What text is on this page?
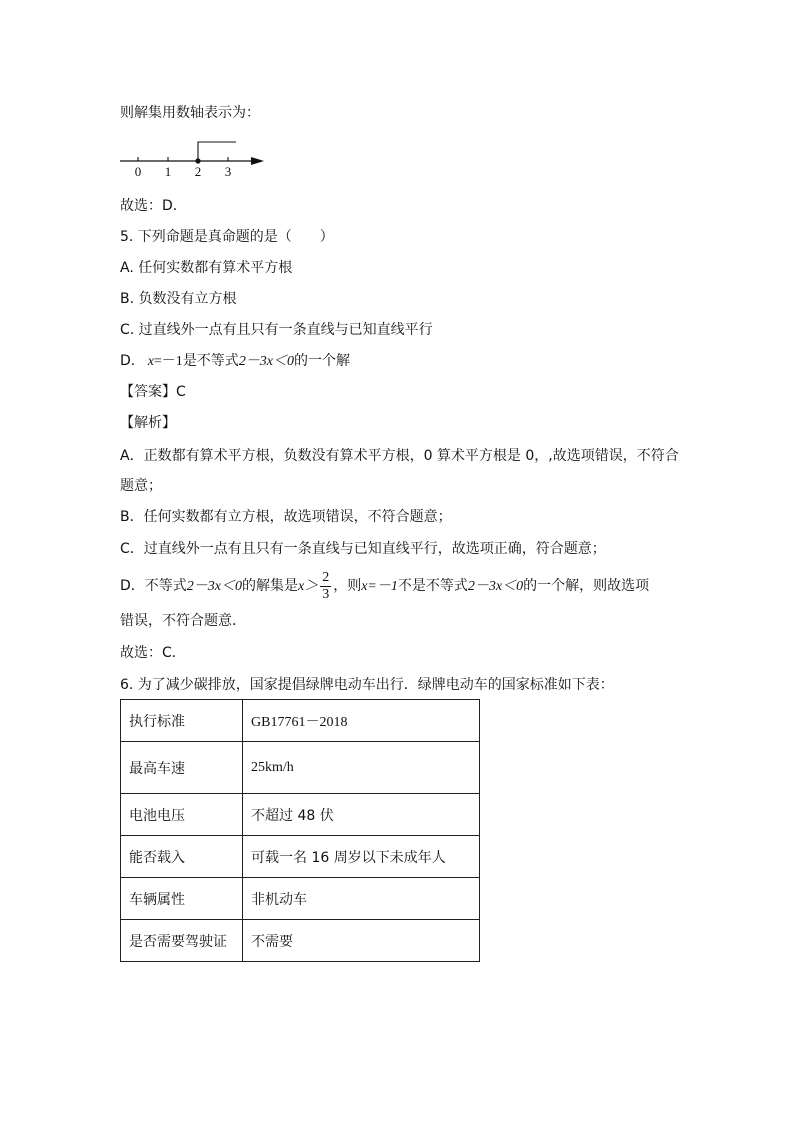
则解集用数轴表示为：
0 1 2 3
故选：D．
5. 下列命题是真命题的是（　　）
A. 任何实数都有算术平方根
B. 负数没有立方根
C. 过直线外一点有且只有一条直线与已知直线平行
D. x=－1是不等式2－3x＜0的一个解
【答案】C
【解析】
A．正数都有算术平方根，负数没有算术平方根，0 算术平方根是 0，,故选项错误，不符合
题意；
B．任何实数都有立方根，故选项错误，不符合题意；
C．过直线外一点有且只有一条直线与已知直线平行，故选项正确，符合题意；
D．不等式2－3x＜0的解集是$x> \frac{2}{3}$ ，则x=－1不是不等式2－3x＜0的一个解，则故选项
错误，不符合题意．
故选：C．
6. 为了减少碳排放，国家提倡绿牌电动车出行．绿牌电动车的国家标准如下表：
执行标准	GB17761－2018
最高车速	25km/h
电池电压	不超过 48 伏
能否载入	可载一名 16 周岁以下未成年人
车辆属性	非机动车
是否需要驾驶证	不需要
